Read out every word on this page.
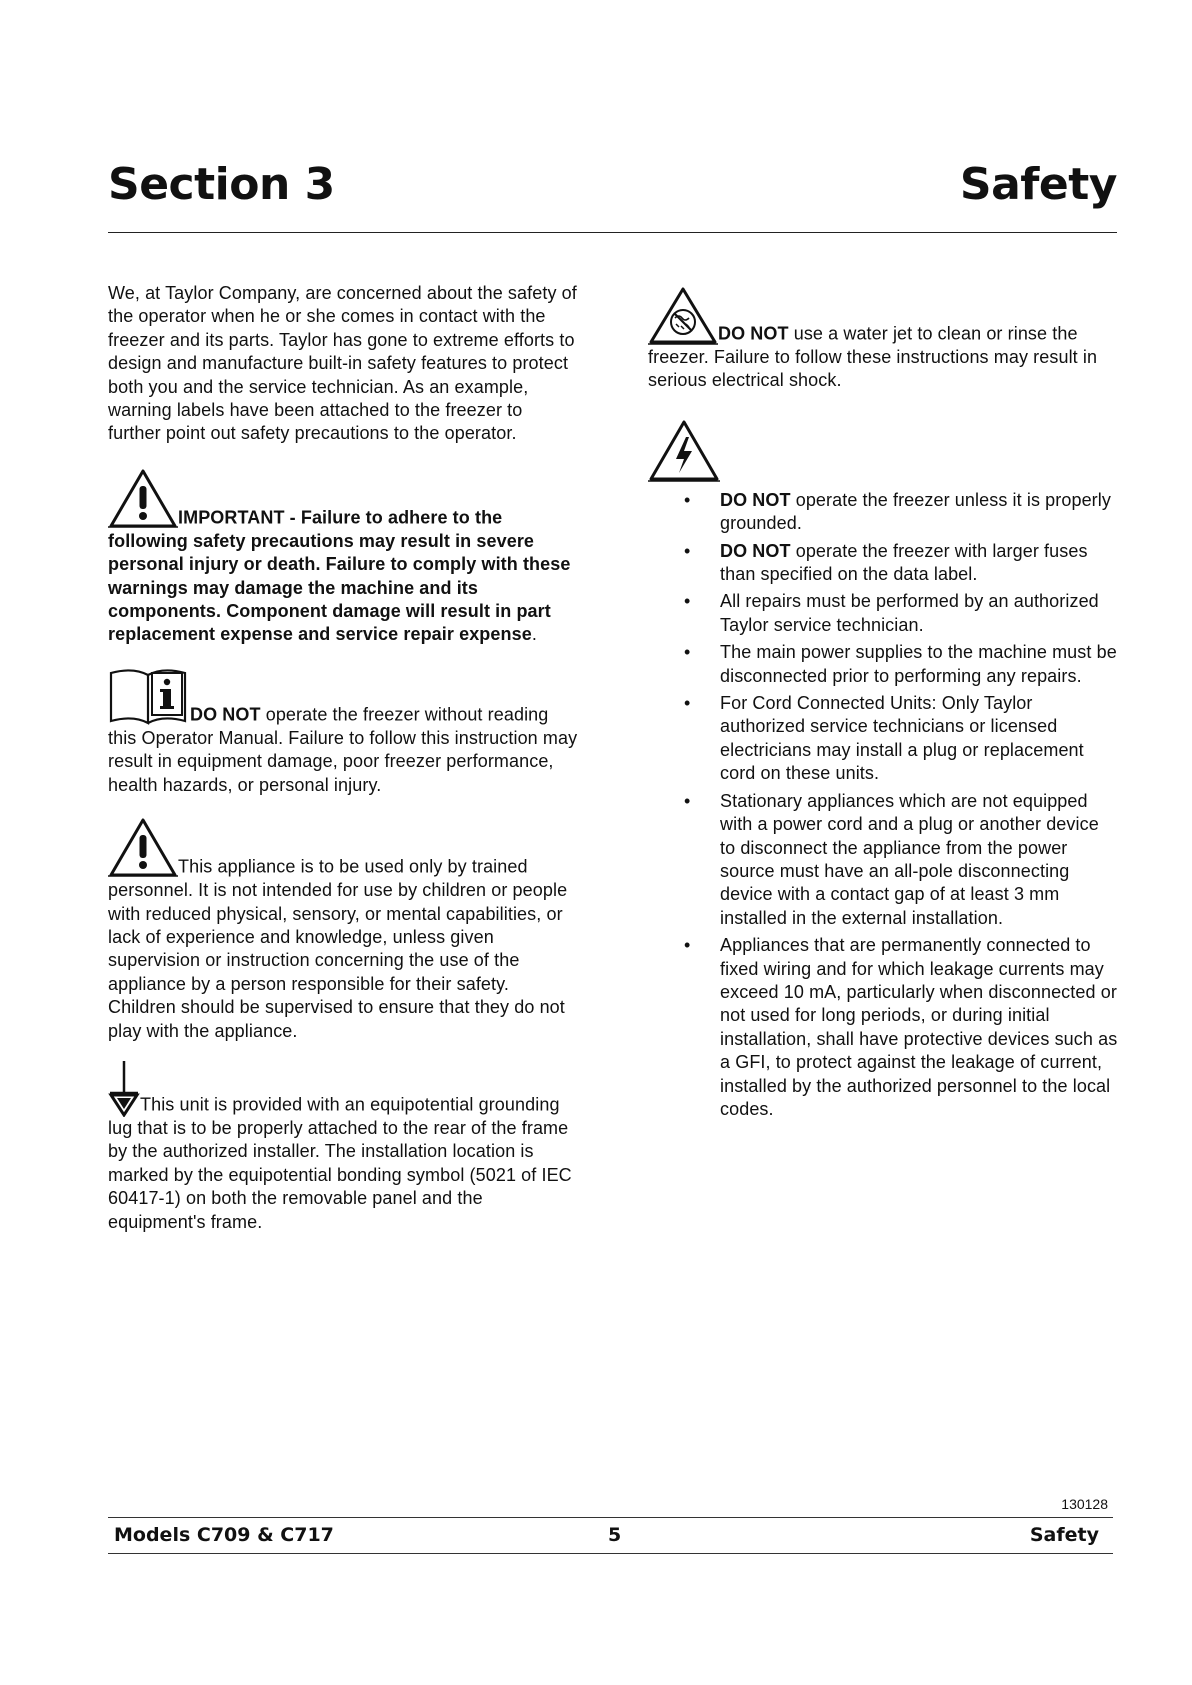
Section 3	Safety

We, at Taylor Company, are concerned about the safety of the operator when he or she comes in contact with the freezer and its parts. Taylor has gone to extreme efforts to design and manufacture built-in safety features to protect both you and the service technician. As an example, warning labels have been attached to the freezer to further point out safety precautions to the operator.

IMPORTANT - Failure to adhere to the following safety precautions may result in severe personal injury or death. Failure to comply with these warnings may damage the machine and its components. Component damage will result in part replacement expense and service repair expense.

DO NOT operate the freezer without reading this Operator Manual. Failure to follow this instruction may result in equipment damage, poor freezer performance, health hazards, or personal injury.

This appliance is to be used only by trained personnel. It is not intended for use by children or people with reduced physical, sensory, or mental capabilities, or lack of experience and knowledge, unless given supervision or instruction concerning the use of the appliance by a person responsible for their safety. Children should be supervised to ensure that they do not play with the appliance.

This unit is provided with an equipotential grounding lug that is to be properly attached to the rear of the frame by the authorized installer. The installation location is marked by the equipotential bonding symbol (5021 of IEC 60417-1) on both the removable panel and the equipment's frame.

DO NOT use a water jet to clean or rinse the freezer. Failure to follow these instructions may result in serious electrical shock.

• DO NOT operate the freezer unless it is properly grounded.
• DO NOT operate the freezer with larger fuses than specified on the data label.
• All repairs must be performed by an authorized Taylor service technician.
• The main power supplies to the machine must be disconnected prior to performing any repairs.
• For Cord Connected Units: Only Taylor authorized service technicians or licensed electricians may install a plug or replacement cord on these units.
• Stationary appliances which are not equipped with a power cord and a plug or another device to disconnect the appliance from the power source must have an all-pole disconnecting device with a contact gap of at least 3 mm installed in the external installation.
• Appliances that are permanently connected to fixed wiring and for which leakage currents may exceed 10 mA, particularly when disconnected or not used for long periods, or during initial installation, shall have protective devices such as a GFI, to protect against the leakage of current, installed by the authorized personnel to the local codes.
130128
Models C709 & C717	5	Safety
